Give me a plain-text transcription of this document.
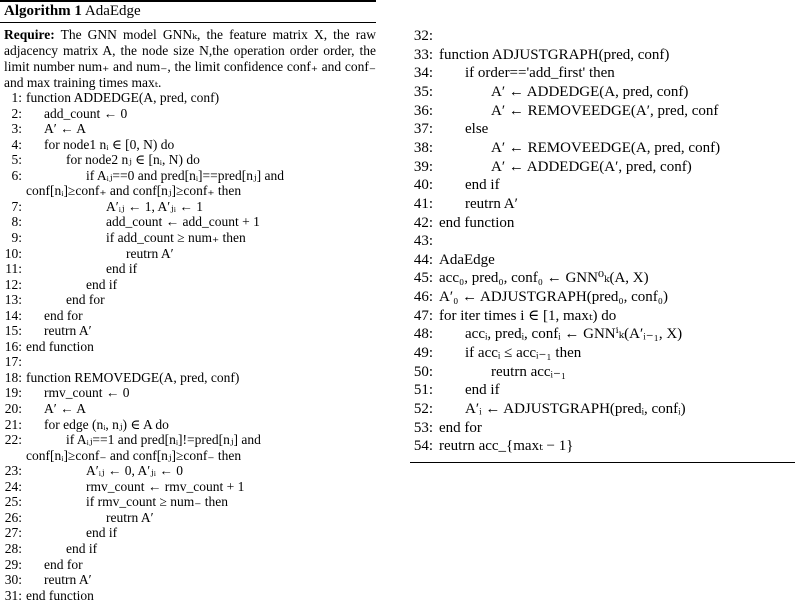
Algorithm 1 AdaEdge
Require: The GNN model GNNₖ, the feature matrix X, the raw adjacency matrix A, the node size N,the operation order order, the limit number num₊ and num₋, the limit confidence conf₊ and conf₋ and max training times maxₜ.
1: function ADDEDGE(A, pred, conf)
2: add_count ← 0
3: A′ ← A
4: for node1 nᵢ ∈ [0, N) do
5:	for node2 nⱼ ∈ [nᵢ, N) do
6:	if Aᵢⱼ==0 and pred[nᵢ]==pred[nⱼ] and
conf[nᵢ]≥conf₊ and conf[nⱼ]≥conf₊ then
7:	A′ᵢⱼ ← 1, A′ⱼᵢ ← 1
8:	add_count ← add_count + 1
9:	if add_count ≥ num₊ then
10:	reutrn A′
11:	end if
12:	end if
13:	end for
14: end for
15: reutrn A′
16: end function
17:
18: function REMOVEDGE(A, pred, conf)
19: rmv_count ← 0
20: A′ ← A
21: for edge (nᵢ, nⱼ) ∈ A do
22:	if Aᵢⱼ==1 and pred[nᵢ]!=pred[nⱼ] and
conf[nᵢ]≥conf₋ and conf[nⱼ]≥conf₋ then
23:	A′ᵢⱼ ← 0, A′ⱼᵢ ← 0
24:	rmv_count ← rmv_count + 1
25:	if rmv_count ≥ num₋ then
26:	reutrn A′
27:	end if
28:	end if
29: end for
30: reutrn A′
31: end function
32:
33: function ADJUSTGRAPH(pred, conf)
34: if order=='add_first' then
35:	A′ ← ADDEDGE(A, pred, conf)
36:	A′ ← REMOVEEDGE(A′, pred, conf
37: else
38:	A′ ← REMOVEEDGE(A, pred, conf)
39:	A′ ← ADDEDGE(A′, pred, conf)
40: end if
41: reutrn A′
42: end function
43:
44: AdaEdge
45: acc₀, pred₀, conf₀ ← GNN⁰ₖ(A, X)
46: A′₀ ← ADJUSTGRAPH(pred₀, conf₀)
47: for iter times i ∈ [1, maxₜ) do
48: accᵢ, predᵢ, confᵢ ← GNNⁱₖ(A′ᵢ₋₁, X)
49: if accᵢ ≤ accᵢ₋₁ then
50:	reutrn accᵢ₋₁
51: end if
52: A′ᵢ ← ADJUSTGRAPH(predᵢ, confᵢ)
53: end for
54: reutrn acc_{maxₜ − 1}
